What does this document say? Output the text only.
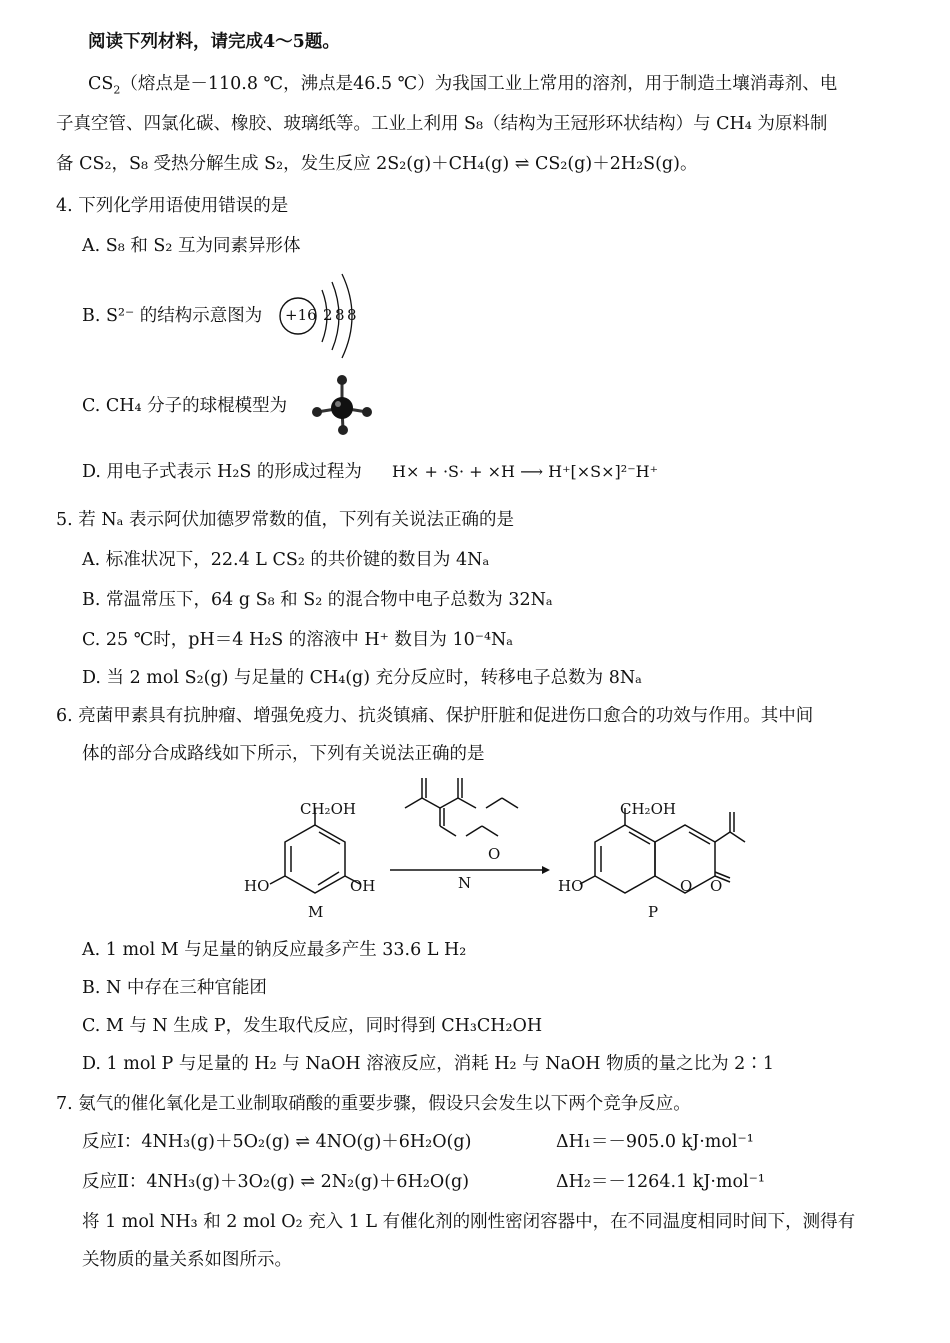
阅读下列材料，请完成4～5题。
$CS_2$（熔点是－110.8 ℃，沸点是46.5 ℃）为我国工业上常用的溶剂，用于制造土壤消毒剂、电
子真空管、四氯化碳、橡胶、玻璃纸等。工业上利用 S₈（结构为王冠形环状结构）与 CH₄ 为原料制
备 CS₂，S₈ 受热分解生成 S₂，发生反应 2S₂(g)＋CH₄(g) ⇌ CS₂(g)＋2H₂S(g)。
4. 下列化学用语使用错误的是
A. S₈ 和 S₂ 互为同素异形体
B. S²⁻ 的结构示意图为 +16 2 8 8
C. CH₄ 分子的球棍模型为
D. 用电子式表示 H₂S 的形成过程为 H× + ·S· + ×H ⟶ H⁺[×S×]²⁻H⁺
5. 若 Nₐ 表示阿伏加德罗常数的值，下列有关说法正确的是
A. 标准状况下，22.4 L CS₂ 的共价键的数目为 4Nₐ
B. 常温常压下，64 g S₈ 和 S₂ 的混合物中电子总数为 32Nₐ
C. 25 ℃时，pH＝4 H₂S 的溶液中 H⁺ 数目为 10⁻⁴Nₐ
D. 当 2 mol S₂(g) 与足量的 CH₄(g) 充分反应时，转移电子总数为 8Nₐ
6. 亮菌甲素具有抗肿瘤、增强免疫力、抗炎镇痛、保护肝脏和促进伤口愈合的功效与作用。其中间
体的部分合成路线如下所示，下列有关说法正确的是
CH₂OH
HO	OH
M
N
O
CH₂OH
HO	O O
P
A. 1 mol M 与足量的钠反应最多产生 33.6 L H₂
B. N 中存在三种官能团
C. M 与 N 生成 P，发生取代反应，同时得到 CH₃CH₂OH
D. 1 mol P 与足量的 H₂ 与 NaOH 溶液反应，消耗 H₂ 与 NaOH 物质的量之比为 2∶1
7. 氨气的催化氧化是工业制取硝酸的重要步骤，假设只会发生以下两个竞争反应。
反应Ⅰ：4NH₃(g)＋5O₂(g) ⇌ 4NO(g)＋6H₂O(g)	ΔH₁＝－905.0 kJ·mol⁻¹
反应Ⅱ：4NH₃(g)＋3O₂(g) ⇌ 2N₂(g)＋6H₂O(g)	ΔH₂＝－1264.1 kJ·mol⁻¹
将 1 mol NH₃ 和 2 mol O₂ 充入 1 L 有催化剂的刚性密闭容器中，在不同温度相同时间下，测得有
关物质的量关系如图所示。
